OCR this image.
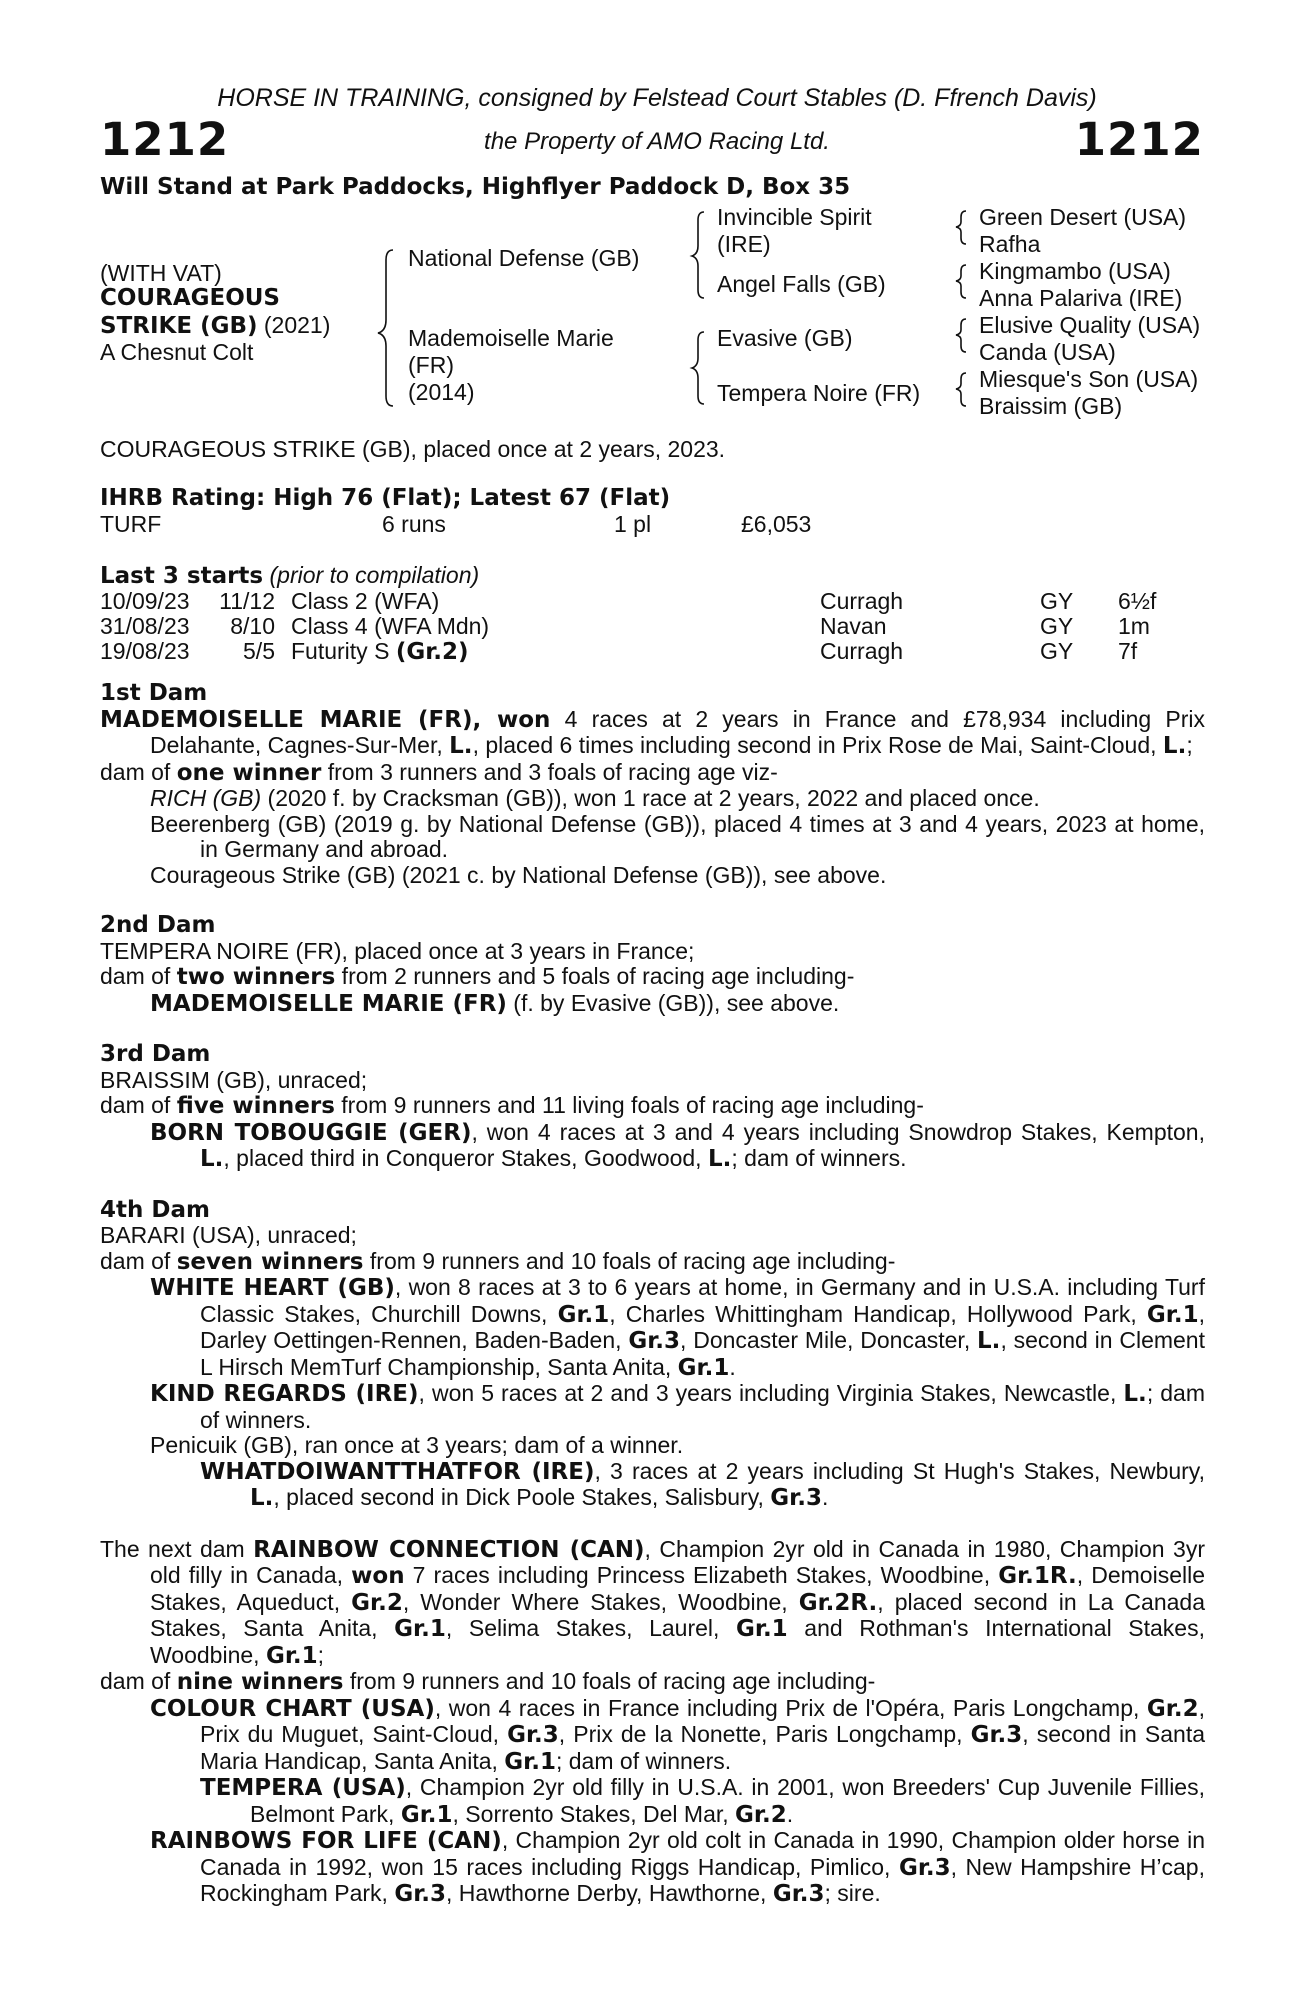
HORSE IN TRAINING, consigned by Felstead Court Stables (D. Ffrench Davis)
1212	1212
the Property of AMO Racing Ltd.
Will Stand at Park Paddocks, Highflyer Paddock D, Box 35
(WITH VAT)
COURAGEOUS
STRIKE (GB) (2021)
A Chesnut Colt
National Defense (GB)
Mademoiselle Marie
(FR)
(2014)
Invincible Spirit
(IRE)
Angel Falls (GB)
Evasive (GB)
Tempera Noire (FR)
Green Desert (USA)
Rafha
Kingmambo (USA)
Anna Palariva (IRE)
Elusive Quality (USA)
Canda (USA)
Miesque's Son (USA)
Braissim (GB)
COURAGEOUS STRIKE (GB), placed once at 2 years, 2023.
IHRB Rating: High 76 (Flat); Latest 67 (Flat)
TURF	6 runs	1 pl	£6,053
Last 3 starts (prior to compilation)
10/09/23	11/12 Class 2 (WFA)	Curragh	GY 6½f
31/08/23	8/10 Class 4 (WFA Mdn)	Navan	GY 1m
19/08/23	5/5 Futurity S (Gr.2)	Curragh	GY 7f

1st Dam

MADEMOISELLE MARIE (FR), won 4 races at 2 years in France and £78,934 including Prix Delahante, Cagnes-Sur-Mer, L., placed 6 times including second in Prix Rose de Mai, Saint-Cloud, L.;

dam of one winner from 3 runners and 3 foals of racing age viz-

RICH (GB) (2020 f. by Cracksman (GB)), won 1 race at 2 years, 2022 and placed once.

Beerenberg (GB) (2019 g. by National Defense (GB)), placed 4 times at 3 and 4 years, 2023 at home, in Germany and abroad.

Courageous Strike (GB) (2021 c. by National Defense (GB)), see above.

2nd Dam

TEMPERA NOIRE (FR), placed once at 3 years in France;

dam of two winners from 2 runners and 5 foals of racing age including-

MADEMOISELLE MARIE (FR) (f. by Evasive (GB)), see above.

3rd Dam

BRAISSIM (GB), unraced;

dam of five winners from 9 runners and 11 living foals of racing age including-

BORN TOBOUGGIE (GER), won 4 races at 3 and 4 years including Snowdrop Stakes, Kempton, L., placed third in Conqueror Stakes, Goodwood, L.; dam of winners.

4th Dam

BARARI (USA), unraced;

dam of seven winners from 9 runners and 10 foals of racing age including-

WHITE HEART (GB), won 8 races at 3 to 6 years at home, in Germany and in U.S.A. including Turf Classic Stakes, Churchill Downs, Gr.1, Charles Whittingham Handicap, Hollywood Park, Gr.1, Darley Oettingen-Rennen, Baden-Baden, Gr.3, Doncaster Mile, Doncaster, L., second in Clement L Hirsch MemTurf Championship, Santa Anita, Gr.1.

KIND REGARDS (IRE), won 5 races at 2 and 3 years including Virginia Stakes, Newcastle, L.; dam of winners.

Penicuik (GB), ran once at 3 years; dam of a winner.

WHATDOIWANTTHATFOR (IRE), 3 races at 2 years including St Hugh's Stakes, Newbury, L., placed second in Dick Poole Stakes, Salisbury, Gr.3.

The next dam RAINBOW CONNECTION (CAN), Champion 2yr old in Canada in 1980, Champion 3yr old filly in Canada, won 7 races including Princess Elizabeth Stakes, Woodbine, Gr.1R., Demoiselle Stakes, Aqueduct, Gr.2, Wonder Where Stakes, Woodbine, Gr.2R., placed second in La Canada Stakes, Santa Anita, Gr.1, Selima Stakes, Laurel, Gr.1 and Rothman's International Stakes, Woodbine, Gr.1;

dam of nine winners from 9 runners and 10 foals of racing age including-

COLOUR CHART (USA), won 4 races in France including Prix de l'Opéra, Paris Longchamp, Gr.2, Prix du Muguet, Saint-Cloud, Gr.3, Prix de la Nonette, Paris Longchamp, Gr.3, second in Santa Maria Handicap, Santa Anita, Gr.1; dam of winners.

TEMPERA (USA), Champion 2yr old filly in U.S.A. in 2001, won Breeders' Cup Juvenile Fillies, Belmont Park, Gr.1, Sorrento Stakes, Del Mar, Gr.2.

RAINBOWS FOR LIFE (CAN), Champion 2yr old colt in Canada in 1990, Champion older horse in Canada in 1992, won 15 races including Riggs Handicap, Pimlico, Gr.3, New Hampshire H’cap, Rockingham Park, Gr.3, Hawthorne Derby, Hawthorne, Gr.3; sire.
